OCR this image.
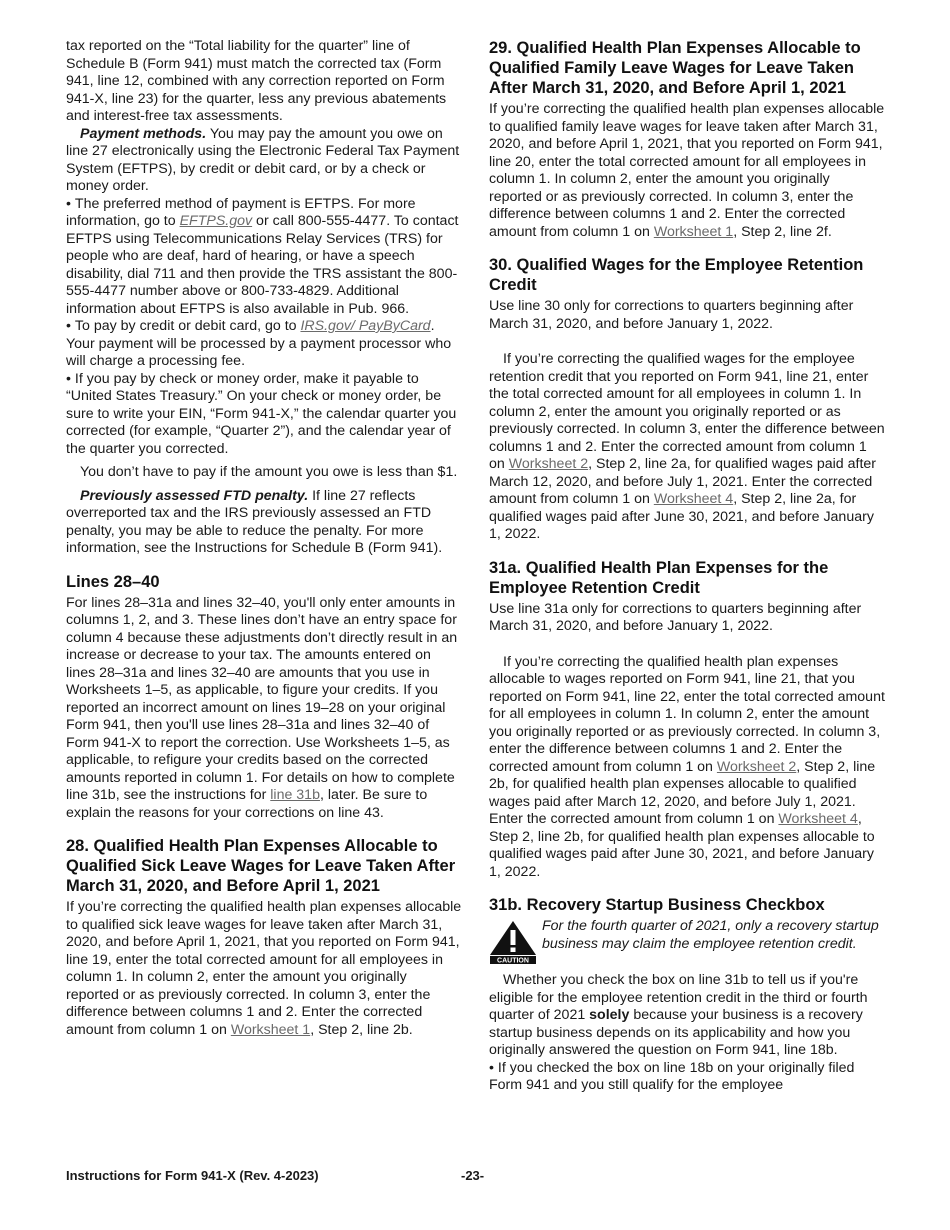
tax reported on the “Total liability for the quarter” line of Schedule B (Form 941) must match the corrected tax (Form 941, line 12, combined with any correction reported on Form 941-X, line 23) for the quarter, less any previous abatements and interest-free tax assessments.

Payment methods. You may pay the amount you owe on line 27 electronically using the Electronic Federal Tax Payment System (EFTPS), by credit or debit card, or by a check or money order.

• The preferred method of payment is EFTPS. For more information, go to EFTPS.gov or call 800-555-4477. To contact EFTPS using Telecommunications Relay Services (TRS) for people who are deaf, hard of hearing, or have a speech disability, dial 711 and then provide the TRS assistant the 800-555-4477 number above or 800-733-4829. Additional information about EFTPS is also available in Pub. 966.

• To pay by credit or debit card, go to IRS.gov/ PayByCard. Your payment will be processed by a payment processor who will charge a processing fee.

• If you pay by check or money order, make it payable to “United States Treasury.” On your check or money order, be sure to write your EIN, “Form 941-X,” the calendar quarter you corrected (for example, “Quarter 2”), and the calendar year of the quarter you corrected.

You don’t have to pay if the amount you owe is less than $1.

Previously assessed FTD penalty. If line 27 reflects overreported tax and the IRS previously assessed an FTD penalty, you may be able to reduce the penalty. For more information, see the Instructions for Schedule B (Form 941).

Lines 28–40

For lines 28–31a and lines 32–40, you'll only enter amounts in columns 1, 2, and 3. These lines don’t have an entry space for column 4 because these adjustments don’t directly result in an increase or decrease to your tax. The amounts entered on lines 28–31a and lines 32–40 are amounts that you use in Worksheets 1–5, as applicable, to figure your credits. If you reported an incorrect amount on lines 19–28 on your original Form 941, then you'll use lines 28–31a and lines 32–40 of Form 941-X to report the correction. Use Worksheets 1–5, as applicable, to refigure your credits based on the corrected amounts reported in column 1. For details on how to complete line 31b, see the instructions for line 31b, later. Be sure to explain the reasons for your corrections on line 43.

28. Qualified Health Plan Expenses Allocable to Qualified Sick Leave Wages for Leave Taken After March 31, 2020, and Before April 1, 2021

If you’re correcting the qualified health plan expenses allocable to qualified sick leave wages for leave taken after March 31, 2020, and before April 1, 2021, that you reported on Form 941, line 19, enter the total corrected amount for all employees in column 1. In column 2, enter the amount you originally reported or as previously corrected. In column 3, enter the difference between columns 1 and 2. Enter the corrected amount from column 1 on Worksheet 1, Step 2, line 2b.

29. Qualified Health Plan Expenses Allocable to Qualified Family Leave Wages for Leave Taken After March 31, 2020, and Before April 1, 2021

If you’re correcting the qualified health plan expenses allocable to qualified family leave wages for leave taken after March 31, 2020, and before April 1, 2021, that you reported on Form 941, line 20, enter the total corrected amount for all employees in column 1. In column 2, enter the amount you originally reported or as previously corrected. In column 3, enter the difference between columns 1 and 2. Enter the corrected amount from column 1 on Worksheet 1, Step 2, line 2f.

30. Qualified Wages for the Employee Retention Credit

Use line 30 only for corrections to quarters beginning after March 31, 2020, and before January 1, 2022.

If you’re correcting the qualified wages for the employee retention credit that you reported on Form 941, line 21, enter the total corrected amount for all employees in column 1. In column 2, enter the amount you originally reported or as previously corrected. In column 3, enter the difference between columns 1 and 2. Enter the corrected amount from column 1 on Worksheet 2, Step 2, line 2a, for qualified wages paid after March 12, 2020, and before July 1, 2021. Enter the corrected amount from column 1 on Worksheet 4, Step 2, line 2a, for qualified wages paid after June 30, 2021, and before January 1, 2022.

31a. Qualified Health Plan Expenses for the Employee Retention Credit

Use line 31a only for corrections to quarters beginning after March 31, 2020, and before January 1, 2022.

If you’re correcting the qualified health plan expenses allocable to wages reported on Form 941, line 21, that you reported on Form 941, line 22, enter the total corrected amount for all employees in column 1. In column 2, enter the amount you originally reported or as previously corrected. In column 3, enter the difference between columns 1 and 2. Enter the corrected amount from column 1 on Worksheet 2, Step 2, line 2b, for qualified health plan expenses allocable to qualified wages paid after March 12, 2020, and before July 1, 2021. Enter the corrected amount from column 1 on Worksheet 4, Step 2, line 2b, for qualified health plan expenses allocable to qualified wages paid after June 30, 2021, and before January 1, 2022.

31b. Recovery Startup Business Checkbox
CAUTION

For the fourth quarter of 2021, only a recovery startup business may claim the employee retention credit.

Whether you check the box on line 31b to tell us if you're eligible for the employee retention credit in the third or fourth quarter of 2021 solely because your business is a recovery startup business depends on its applicability and how you originally answered the question on Form 941, line 18b.

• If you checked the box on line 18b on your originally filed Form 941 and you still qualify for the employee

Instructions for Form 941-X (Rev. 4-2023)	-23-
